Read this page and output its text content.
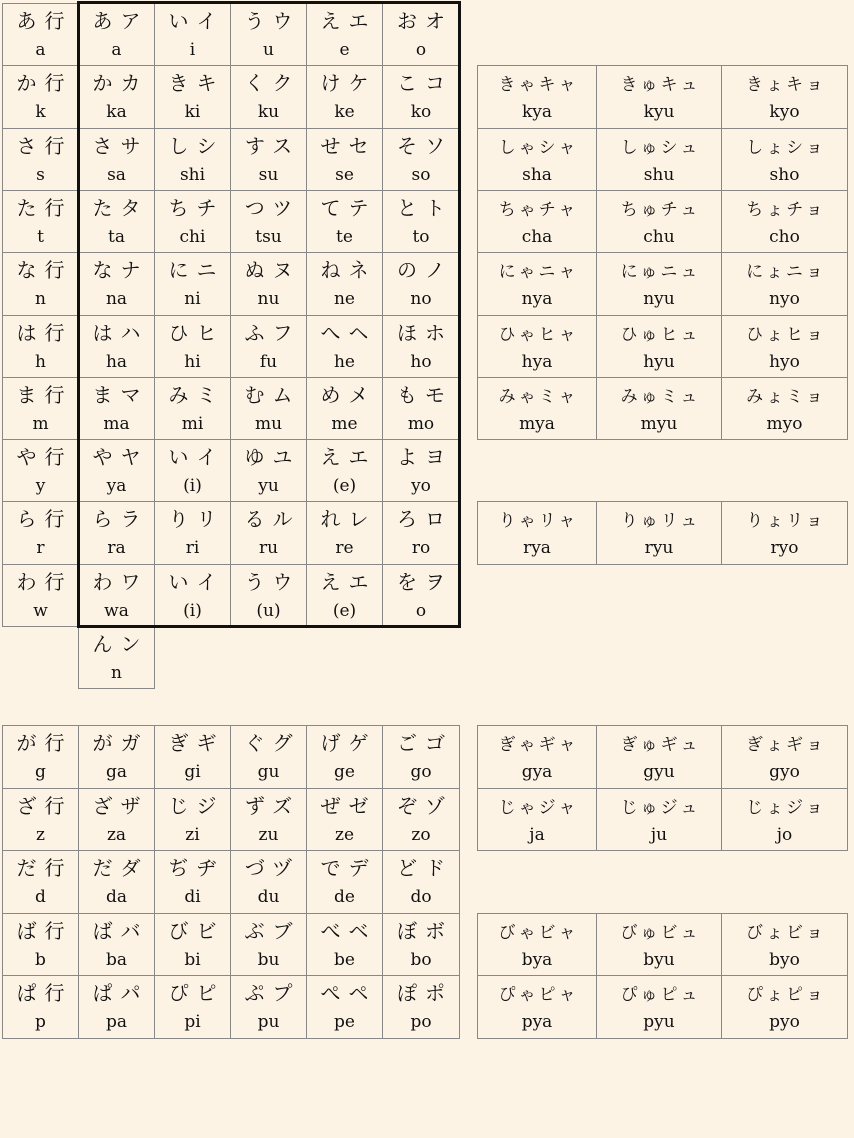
あ行
a
あア
a
いイ
i
うウ
u
えエ
e
おオ
o
か行
k
かカ
ka
きキ
ki
くク
ku
けケ
ke
こコ
ko
さ行
s
さサ
sa
しシ
shi
すス
su
せセ
se
そソ
so
た行
t
たタ
ta
ちチ
chi
つツ
tsu
てテ
te
とト
to
な行
n
なナ
na
にニ
ni
ぬヌ
nu
ねネ
ne
のノ
no
は行
h
はハ
ha
ひヒ
hi
ふフ
fu
へヘ
he
ほホ
ho
ま行
m
まマ
ma
みミ
mi
むム
mu
めメ
me
もモ
mo
や行
y
やヤ
ya
いイ
(i)
ゆユ
yu
えエ
(e)
よヨ
yo
ら行
r
らラ
ra
りリ
ri
るル
ru
れレ
re
ろロ
ro
わ行
w
わワ
wa
いイ
(i)
うウ
(u)
えエ
(e)
をヲ
o
んン
n
きゃキャ
kya
きゅキュ
kyu
きょキョ
kyo
しゃシャ
sha
しゅシュ
shu
しょショ
sho
ちゃチャ
cha
ちゅチュ
chu
ちょチョ
cho
にゃニャ
nya
にゅニュ
nyu
にょニョ
nyo
ひゃヒャ
hya
ひゅヒュ
hyu
ひょヒョ
hyo
みゃミャ
mya
みゅミュ
myu
みょミョ
myo
りゃリャ
rya
りゅリュ
ryu
りょリョ
ryo
が行
g
がガ
ga
ぎギ
gi
ぐグ
gu
げゲ
ge
ごゴ
go
ざ行
z
ざザ
za
じジ
zi
ずズ
zu
ぜゼ
ze
ぞゾ
zo
だ行
d
だダ
da
ぢヂ
di
づヅ
du
でデ
de
どド
do
ば行
b
ばバ
ba
びビ
bi
ぶブ
bu
べベ
be
ぼボ
bo
ぱ行
p
ぱパ
pa
ぴピ
pi
ぷプ
pu
ぺペ
pe
ぽポ
po
ぎゃギャ
gya
ぎゅギュ
gyu
ぎょギョ
gyo
じゃジャ
ja
じゅジュ
ju
じょジョ
jo
びゃビャ
bya
びゅビュ
byu
びょビョ
byo
ぴゃピャ
pya
ぴゅピュ
pyu
ぴょピョ
pyo
